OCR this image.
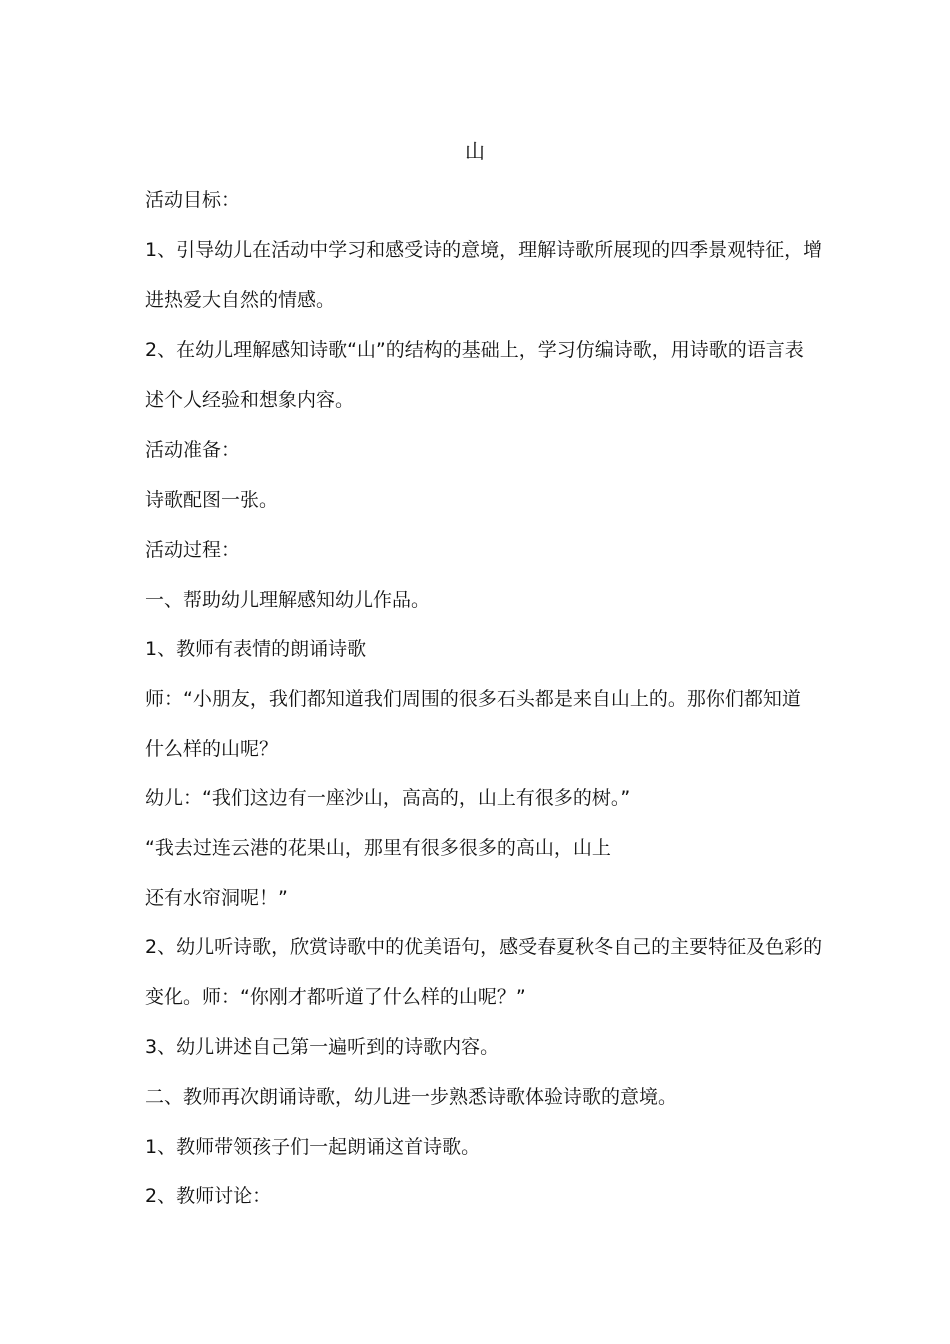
山
活动目标：
1、引导幼儿在活动中学习和感受诗的意境，理解诗歌所展现的四季景观特征，增
进热爱大自然的情感。
2、在幼儿理解感知诗歌“山”的结构的基础上，学习仿编诗歌，用诗歌的语言表
述个人经验和想象内容。
活动准备：
诗歌配图一张。
活动过程：
一、帮助幼儿理解感知幼儿作品。
1、教师有表情的朗诵诗歌
师：“小朋友，我们都知道我们周围的很多石头都是来自山上的。那你们都知道
什么样的山呢？
幼儿：“我们这边有一座沙山，高高的，山上有很多的树。”
“我去过连云港的花果山，那里有很多很多的高山，山上
还有水帘洞呢！”
2、幼儿听诗歌，欣赏诗歌中的优美语句，感受春夏秋冬自己的主要特征及色彩的
变化。师：“你刚才都听道了什么样的山呢？”
3、幼儿讲述自己第一遍听到的诗歌内容。
二、教师再次朗诵诗歌，幼儿进一步熟悉诗歌体验诗歌的意境。
1、教师带领孩子们一起朗诵这首诗歌。
2、教师讨论：
